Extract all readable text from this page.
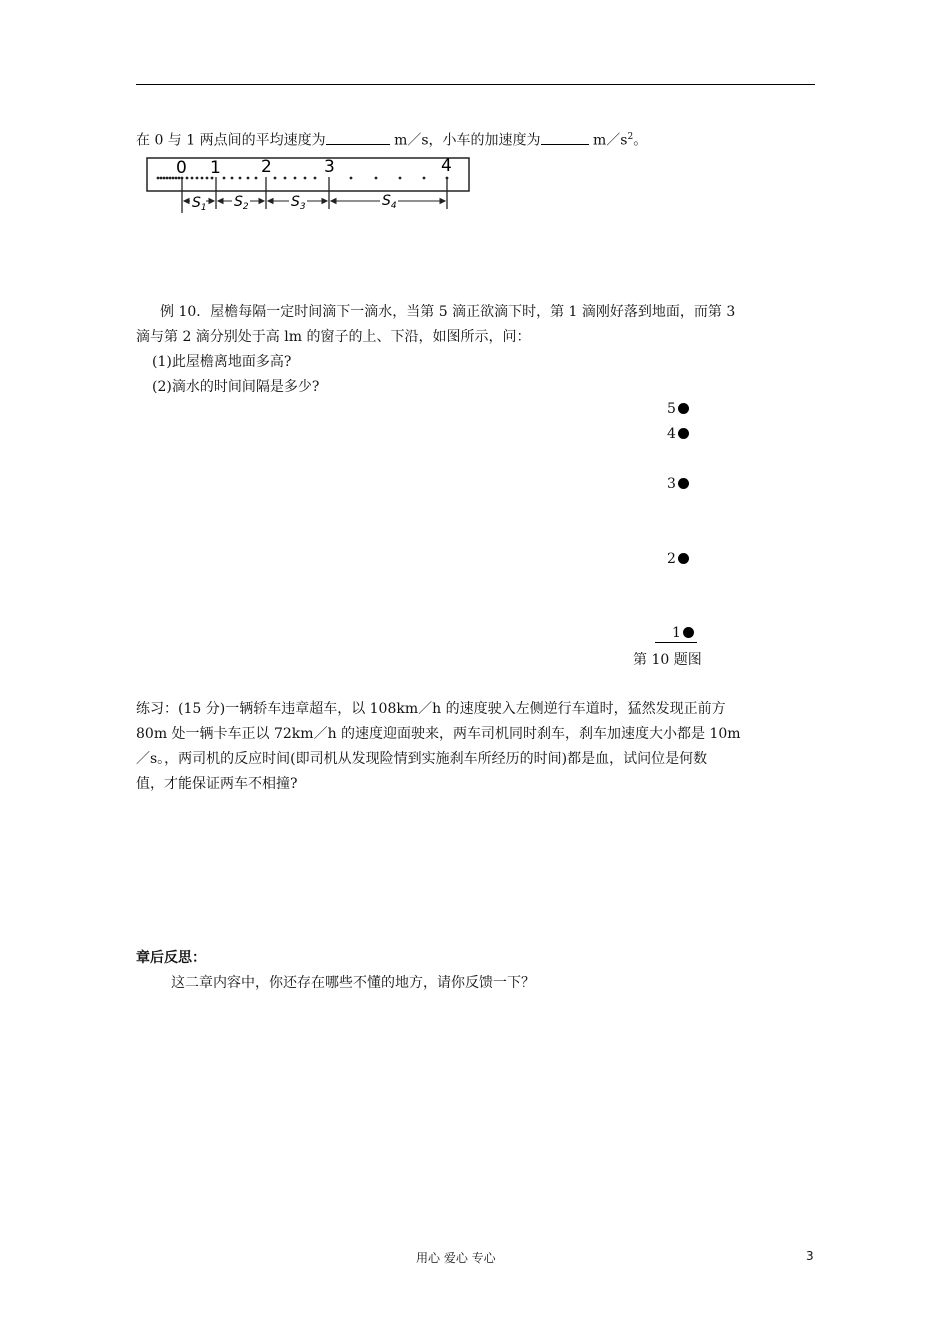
在 0 与 1 两点间的平均速度为	m／s，小车的加速度为	$m/s^2$。
0 1 2	3	4
$S_1$ $S_2$	$S_3$	$S_4$
例 10．屋檐每隔一定时间滴下一滴水，当第 5 滴正欲滴下时，第 1 滴刚好落到地面，而第 3
滴与第 2 滴分别处于高 lm 的窗子的上、下沿，如图所示，问：
(1)此屋檐离地面多高?
(2)滴水的时间间隔是多少?
5
4
3
2
1
第 10 题图
练习：(15 分)一辆轿车违章超车，以 108km／h 的速度驶入左侧逆行车道时，猛然发现正前方
80m 处一辆卡车正以 72km／h 的速度迎面驶来，两车司机同时刹车，刹车加速度大小都是 10m
／s。，两司机的反应时间(即司机从发现险情到实施刹车所经历的时间)都是血，试问位是何数
值，才能保证两车不相撞?
章后反思：
这二章内容中，你还存在哪些不懂的地方，请你反馈一下？
用心 爱心 专心	3
